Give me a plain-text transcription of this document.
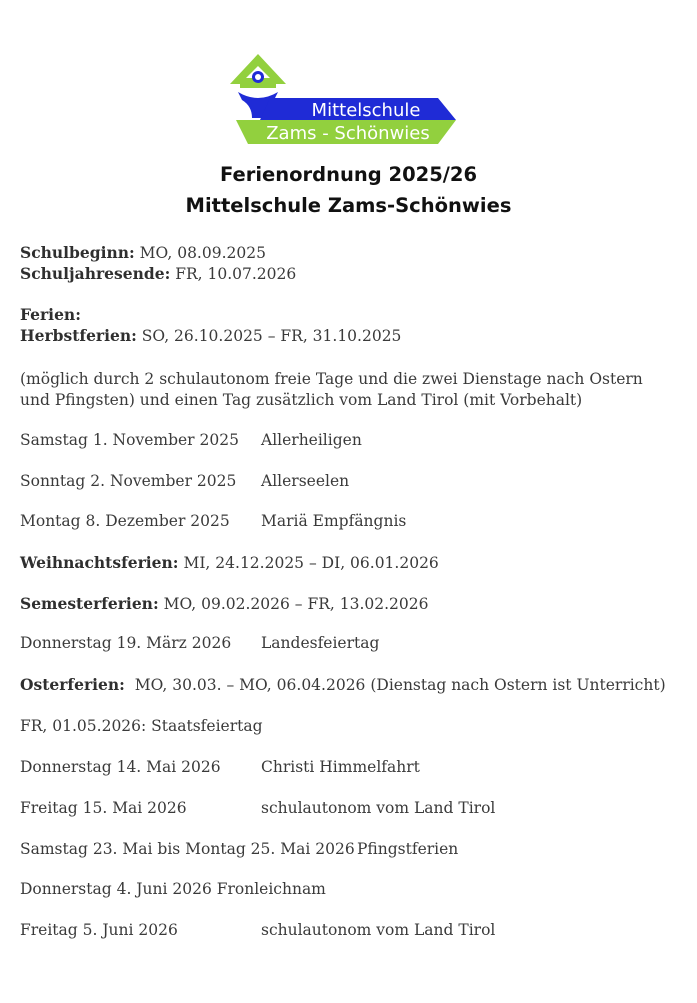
Mittelschule
Zams - Schönwies
Ferienordnung 2025/26
Mittelschule Zams-Schönwies
Schulbeginn: MO, 08.09.2025
Schuljahresende: FR, 10.07.2026
Ferien:
Herbstferien: SO, 26.10.2025 – FR, 31.10.2025
(möglich durch 2 schulautonom freie Tage und die zwei Dienstage nach Ostern und Pfingsten) und einen Tag zusätzlich vom Land Tirol (mit Vorbehalt)
Samstag 1. November 2025 Allerheiligen
Sonntag 2. November 2025 Allerseelen
Montag 8. Dezember 2025 Mariä Empfängnis
Weihnachtsferien: MI, 24.12.2025 – DI, 06.01.2026
Semesterferien: MO, 09.02.2026 – FR, 13.02.2026
Donnerstag 19. März 2026 Landesfeiertag
Osterferien:  MO, 30.03. – MO, 06.04.2026 (Dienstag nach Ostern ist Unterricht)
FR, 01.05.2026: Staatsfeiertag
Donnerstag 14. Mai 2026	Christi Himmelfahrt
Freitag 15. Mai 2026	schulautonom vom Land Tirol
Samstag 23. Mai bis Montag 25. Mai 2026 Pfingstferien
Donnerstag 4. Juni 2026 Fronleichnam
Freitag 5. Juni 2026	schulautonom vom Land Tirol
